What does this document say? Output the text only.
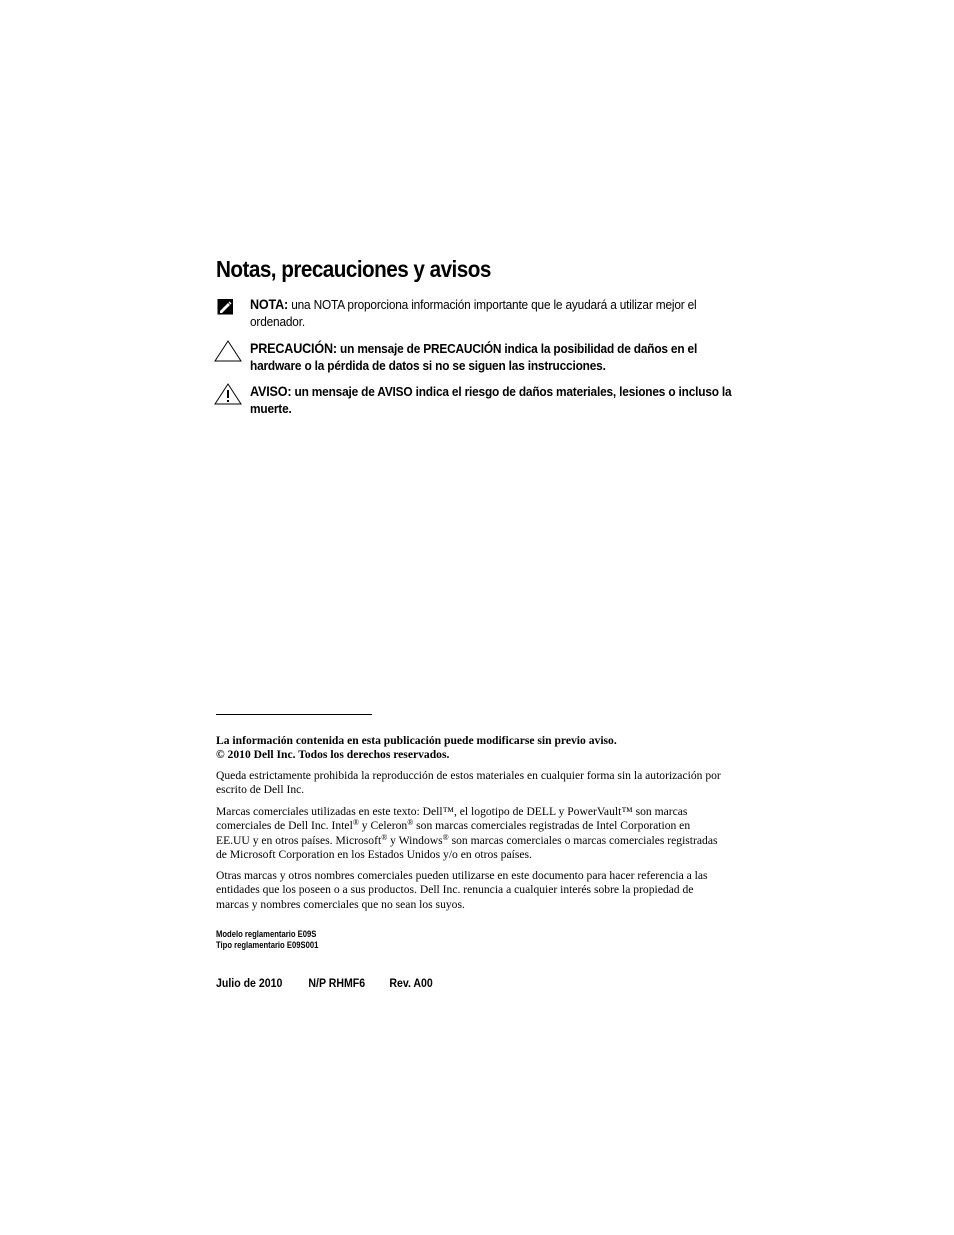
Notas, precauciones y avisos
NOTA: una NOTA proporciona información importante que le ayudará a utilizar mejor el ordenador.
PRECAUCIÓN: un mensaje de PRECAUCIÓN indica la posibilidad de daños en el hardware o la pérdida de datos si no se siguen las instrucciones.
AVISO: un mensaje de AVISO indica el riesgo de daños materiales, lesiones o incluso la muerte.

La información contenida en esta publicación puede modificarse sin previo aviso.

© 2010 Dell Inc. Todos los derechos reservados.

Queda estrictamente prohibida la reproducción de estos materiales en cualquier forma sin la autorización por escrito de Dell Inc.

Marcas comerciales utilizadas en este texto: Dell™, el logotipo de DELL y PowerVault™ son marcas comerciales de Dell Inc. Intel® y Celeron® son marcas comerciales registradas de Intel Corporation en EE.UU y en otros países. Microsoft® y Windows® son marcas comerciales o marcas comerciales registradas de Microsoft Corporation en los Estados Unidos y/o en otros países.

Otras marcas y otros nombres comerciales pueden utilizarse en este documento para hacer referencia a las entidades que los poseen o a sus productos. Dell Inc. renuncia a cualquier interés sobre la propiedad de marcas y nombres comerciales que no sean los suyos.

Modelo reglamentario E09S
Tipo reglamentario E09S001
Julio de 2010 N/P RHMF6 Rev. A00
